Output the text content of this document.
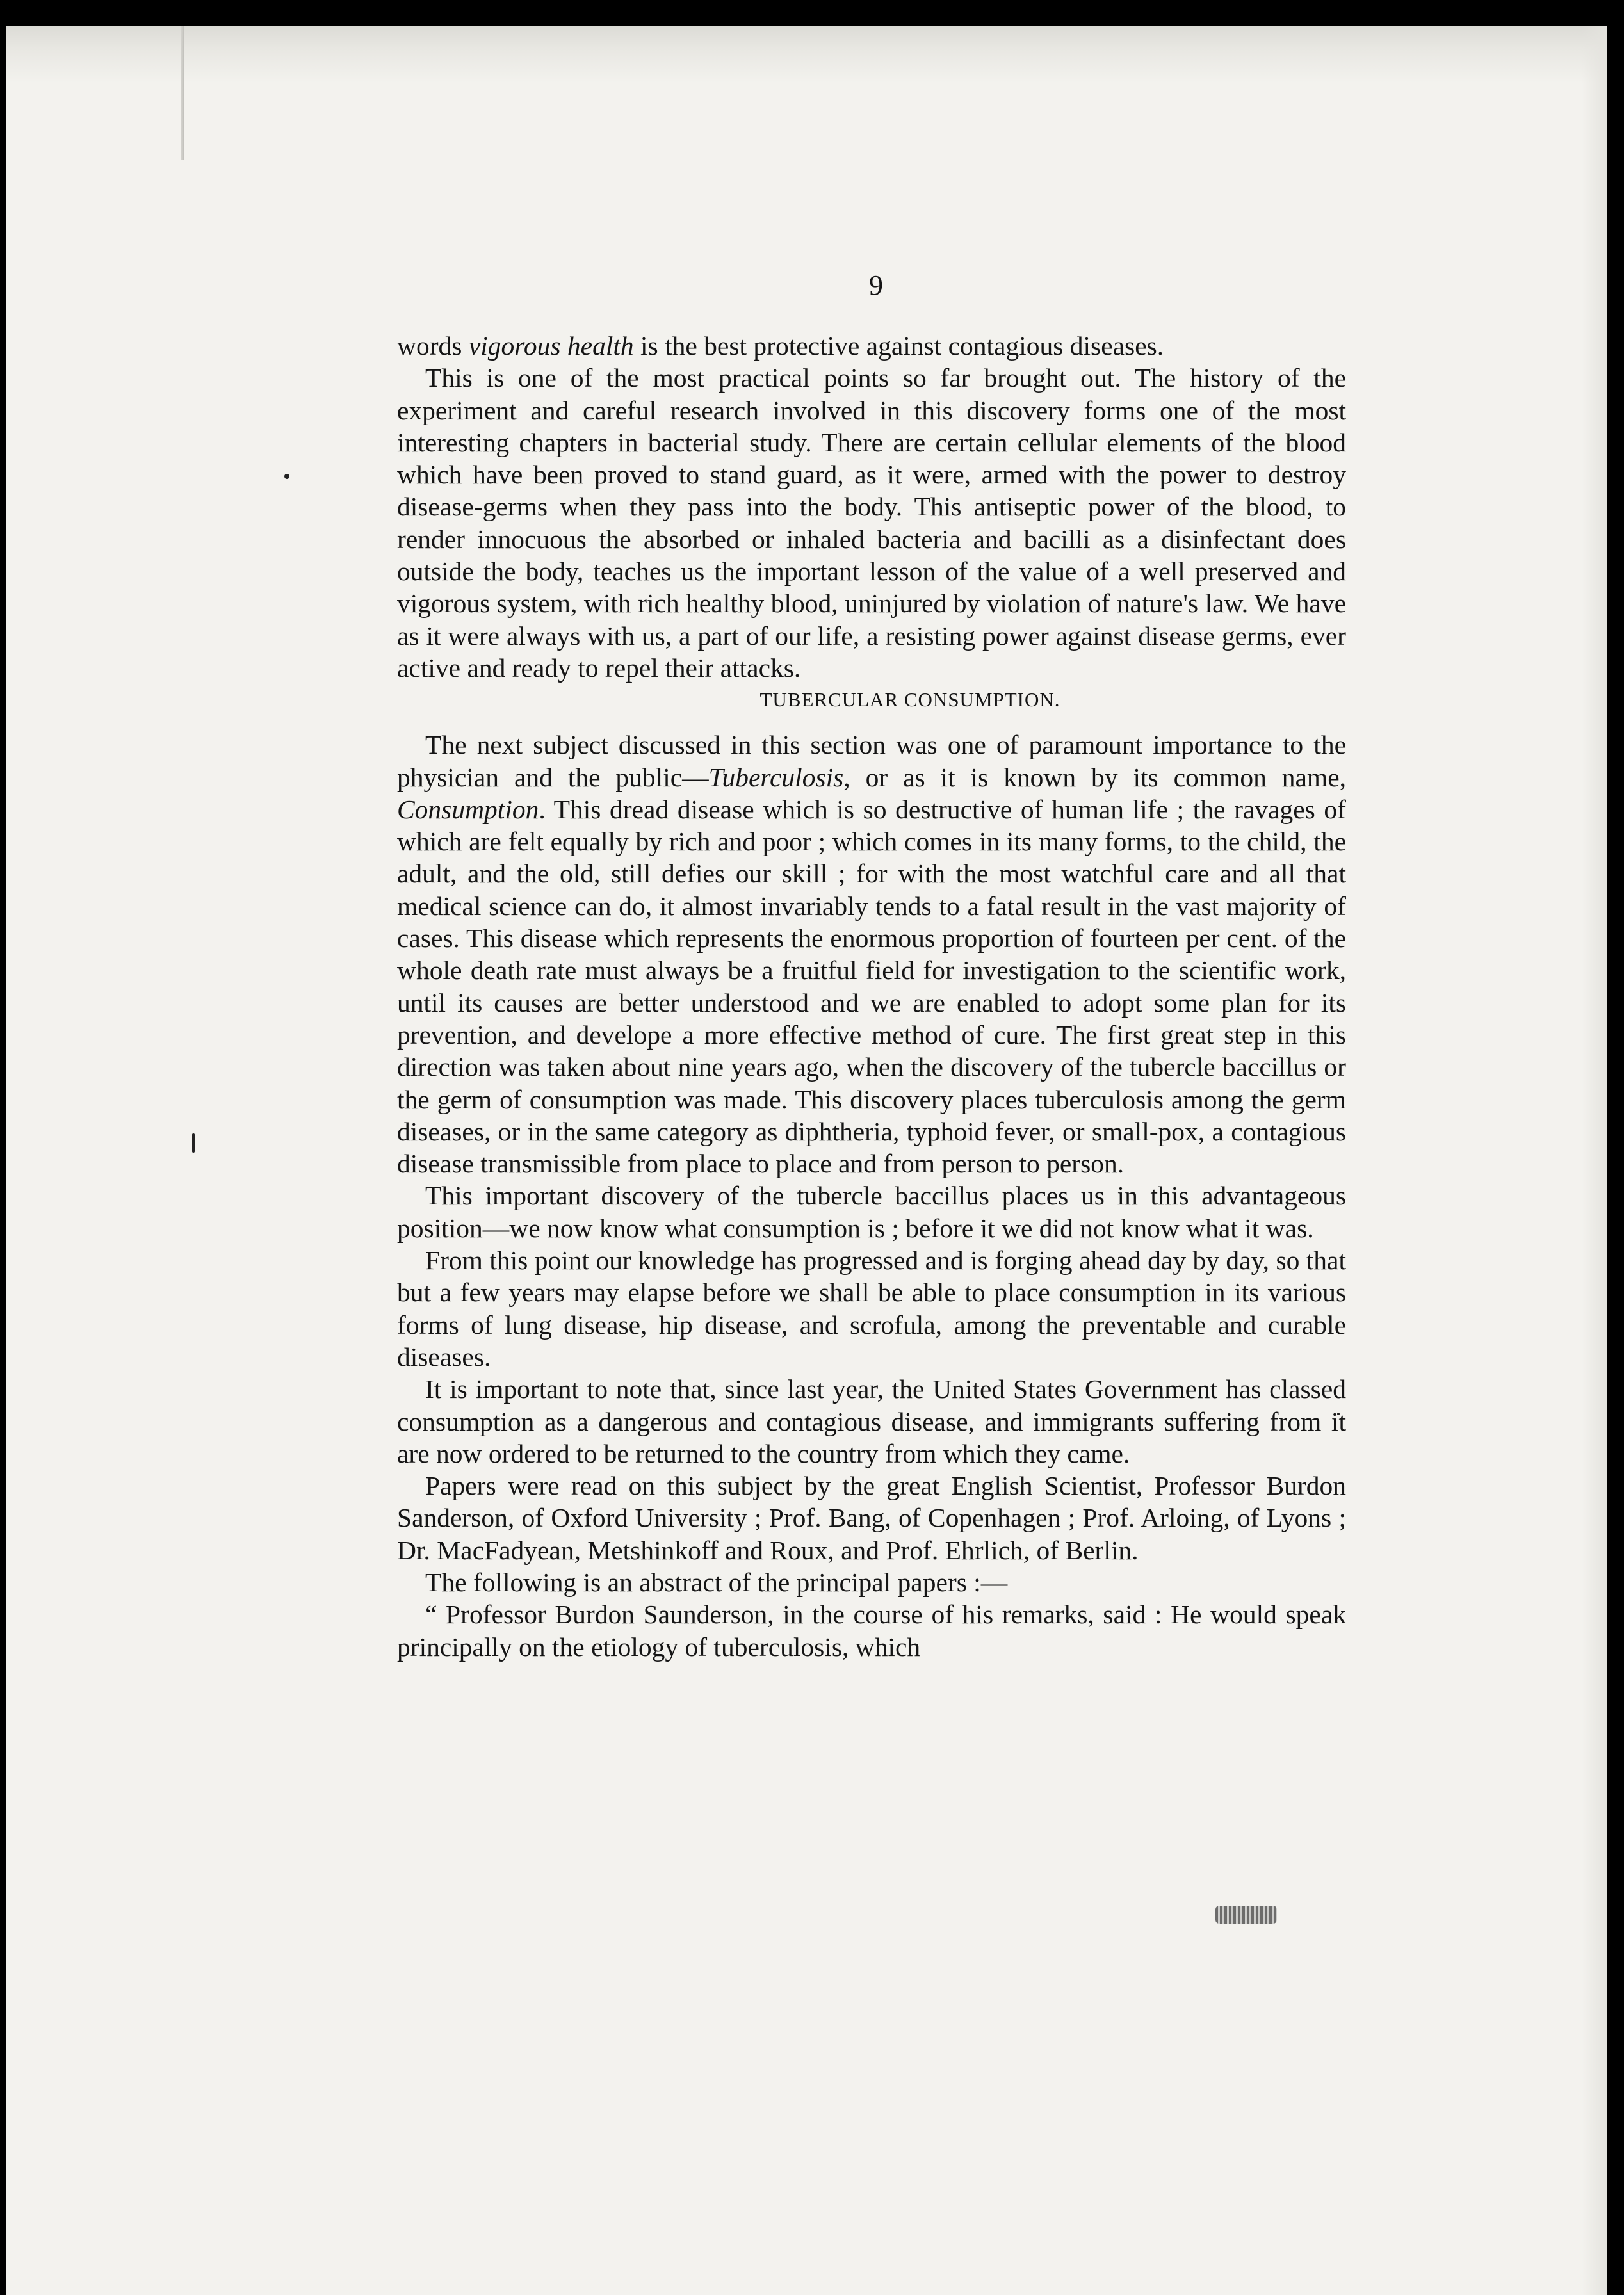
9

words vigorous health is the best protective against contagious diseases.

This is one of the most practical points so far brought out. The history of the experiment and careful research involved in this discovery forms one of the most interesting chapters in bacterial study. There are certain cellular elements of the blood which have been proved to stand guard, as it were, armed with the power to destroy disease-germs when they pass into the body. This antiseptic power of the blood, to render innocuous the absorbed or inhaled bacteria and bacilli as a disinfectant does outside the body, teaches us the important lesson of the value of a well preserved and vigorous system, with rich healthy blood, uninjured by violation of nature's law. We have as it were always with us, a part of our life, a resisting power against disease germs, ever active and ready to repel their attacks.

TUBERCULAR CONSUMPTION.

The next subject discussed in this section was one of paramount importance to the physician and the public—Tuberculosis, or as it is known by its common name, Consumption. This dread disease which is so destructive of human life ; the ravages of which are felt equally by rich and poor ; which comes in its many forms, to the child, the adult, and the old, still defies our skill ; for with the most watchful care and all that medical science can do, it almost invariably tends to a fatal result in the vast majority of cases. This disease which represents the enormous proportion of fourteen per cent. of the whole death rate must always be a fruitful field for investigation to the scientific work, until its causes are better understood and we are enabled to adopt some plan for its prevention, and develope a more effective method of cure. The first great step in this direction was taken about nine years ago, when the discovery of the tubercle baccillus or the germ of consumption was made. This discovery places tuberculosis among the germ diseases, or in the same category as diphtheria, typhoid fever, or small-pox, a contagious disease transmissible from place to place and from person to person.

This important discovery of the tubercle baccillus places us in this advantageous position—we now know what consumption is ; before it we did not know what it was.

From this point our knowledge has progressed and is forging ahead day by day, so that but a few years may elapse before we shall be able to place consumption in its various forms of lung disease, hip disease, and scrofula, among the preventable and curable diseases.

It is important to note that, since last year, the United States Government has classed consumption as a dangerous and contagious disease, and immigrants suffering from it are now ordered to be returned to the country from which they came.

Papers were read on this subject by the great English Scientist, Professor Burdon Sanderson, of Oxford University ; Prof. Bang, of Copenhagen ; Prof. Arloing, of Lyons ; Dr. MacFadyean, Metshinkoff and Roux, and Prof. Ehrlich, of Berlin.

The following is an abstract of the principal papers :—

“ Professor Burdon Saunderson, in the course of his remarks, said : He would speak principally on the etiology of tuberculosis, which
